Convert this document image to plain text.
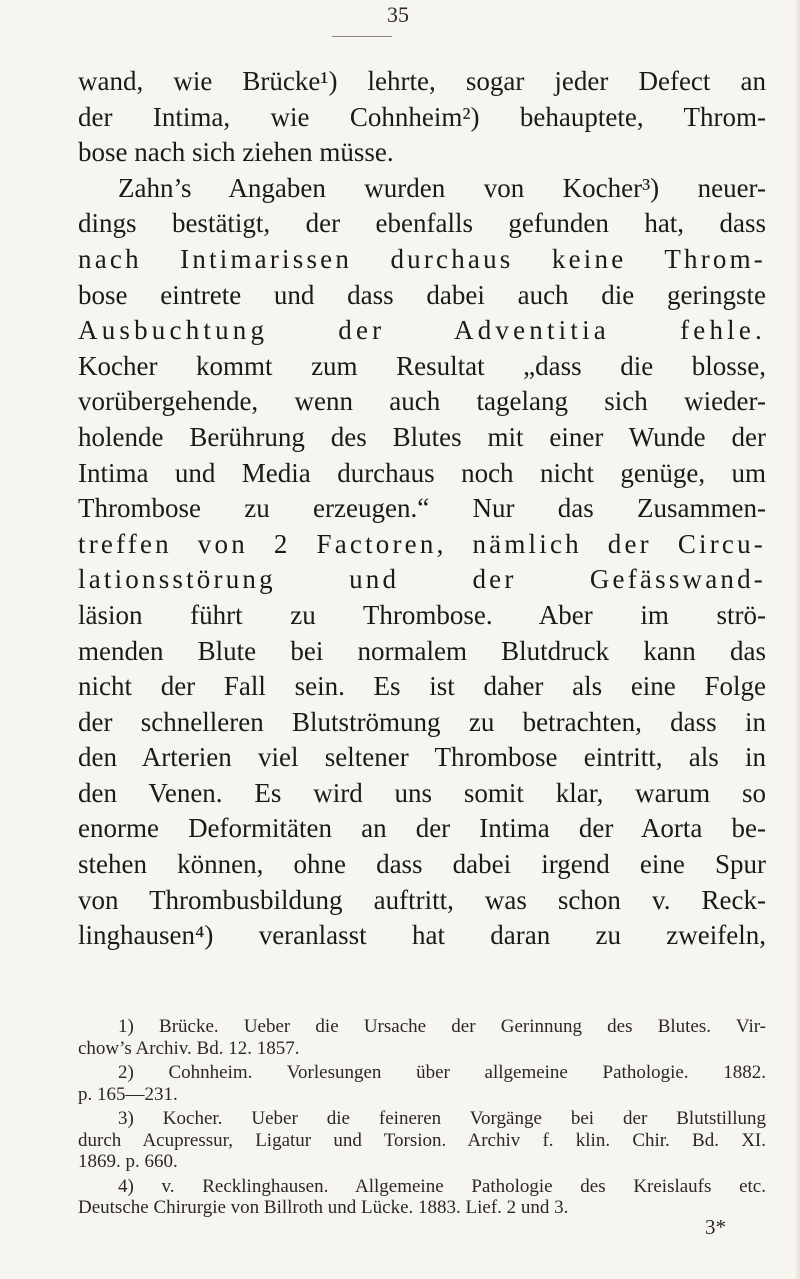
35
wand, wie Brücke¹) lehrte, sogar jeder Defect an
der Intima, wie Cohnheim²) behauptete, Throm-
bose nach sich ziehen müsse.
Zahn’s Angaben wurden von Kocher³) neuer-
dings bestätigt, der ebenfalls gefunden hat, dass
nach Intimarissen durchaus keine Throm-
bose eintrete und dass dabei auch die geringste
Ausbuchtung der Adventitia fehle.
Kocher kommt zum Resultat „dass die blosse,
vorübergehende, wenn auch tagelang sich wieder-
holende Berührung des Blutes mit einer Wunde der
Intima und Media durchaus noch nicht genüge, um
Thrombose zu erzeugen.“ Nur das Zusammen-
treffen von 2 Factoren, nämlich der Circu-
lationsstörung und der Gefässwand-
läsion führt zu Thrombose. Aber im strö-
menden Blute bei normalem Blutdruck kann das
nicht der Fall sein. Es ist daher als eine Folge
der schnelleren Blutströmung zu betrachten, dass in
den Arterien viel seltener Thrombose eintritt, als in
den Venen. Es wird uns somit klar, warum so
enorme Deformitäten an der Intima der Aorta be-
stehen können, ohne dass dabei irgend eine Spur
von Thrombusbildung auftritt, was schon v. Reck-
linghausen⁴) veranlasst hat daran zu zweifeln,
1) Brücke. Ueber die Ursache der Gerinnung des Blutes. Vir-
chow’s Archiv. Bd. 12. 1857.
2) Cohnheim. Vorlesungen über allgemeine Pathologie. 1882.
p. 165—231.
3) Kocher. Ueber die feineren Vorgänge bei der Blutstillung
durch Acupressur, Ligatur und Torsion. Archiv f. klin. Chir. Bd. XI.
1869. p. 660.
4) v. Recklinghausen. Allgemeine Pathologie des Kreislaufs etc.
Deutsche Chirurgie von Billroth und Lücke. 1883. Lief. 2 und 3.
3*
